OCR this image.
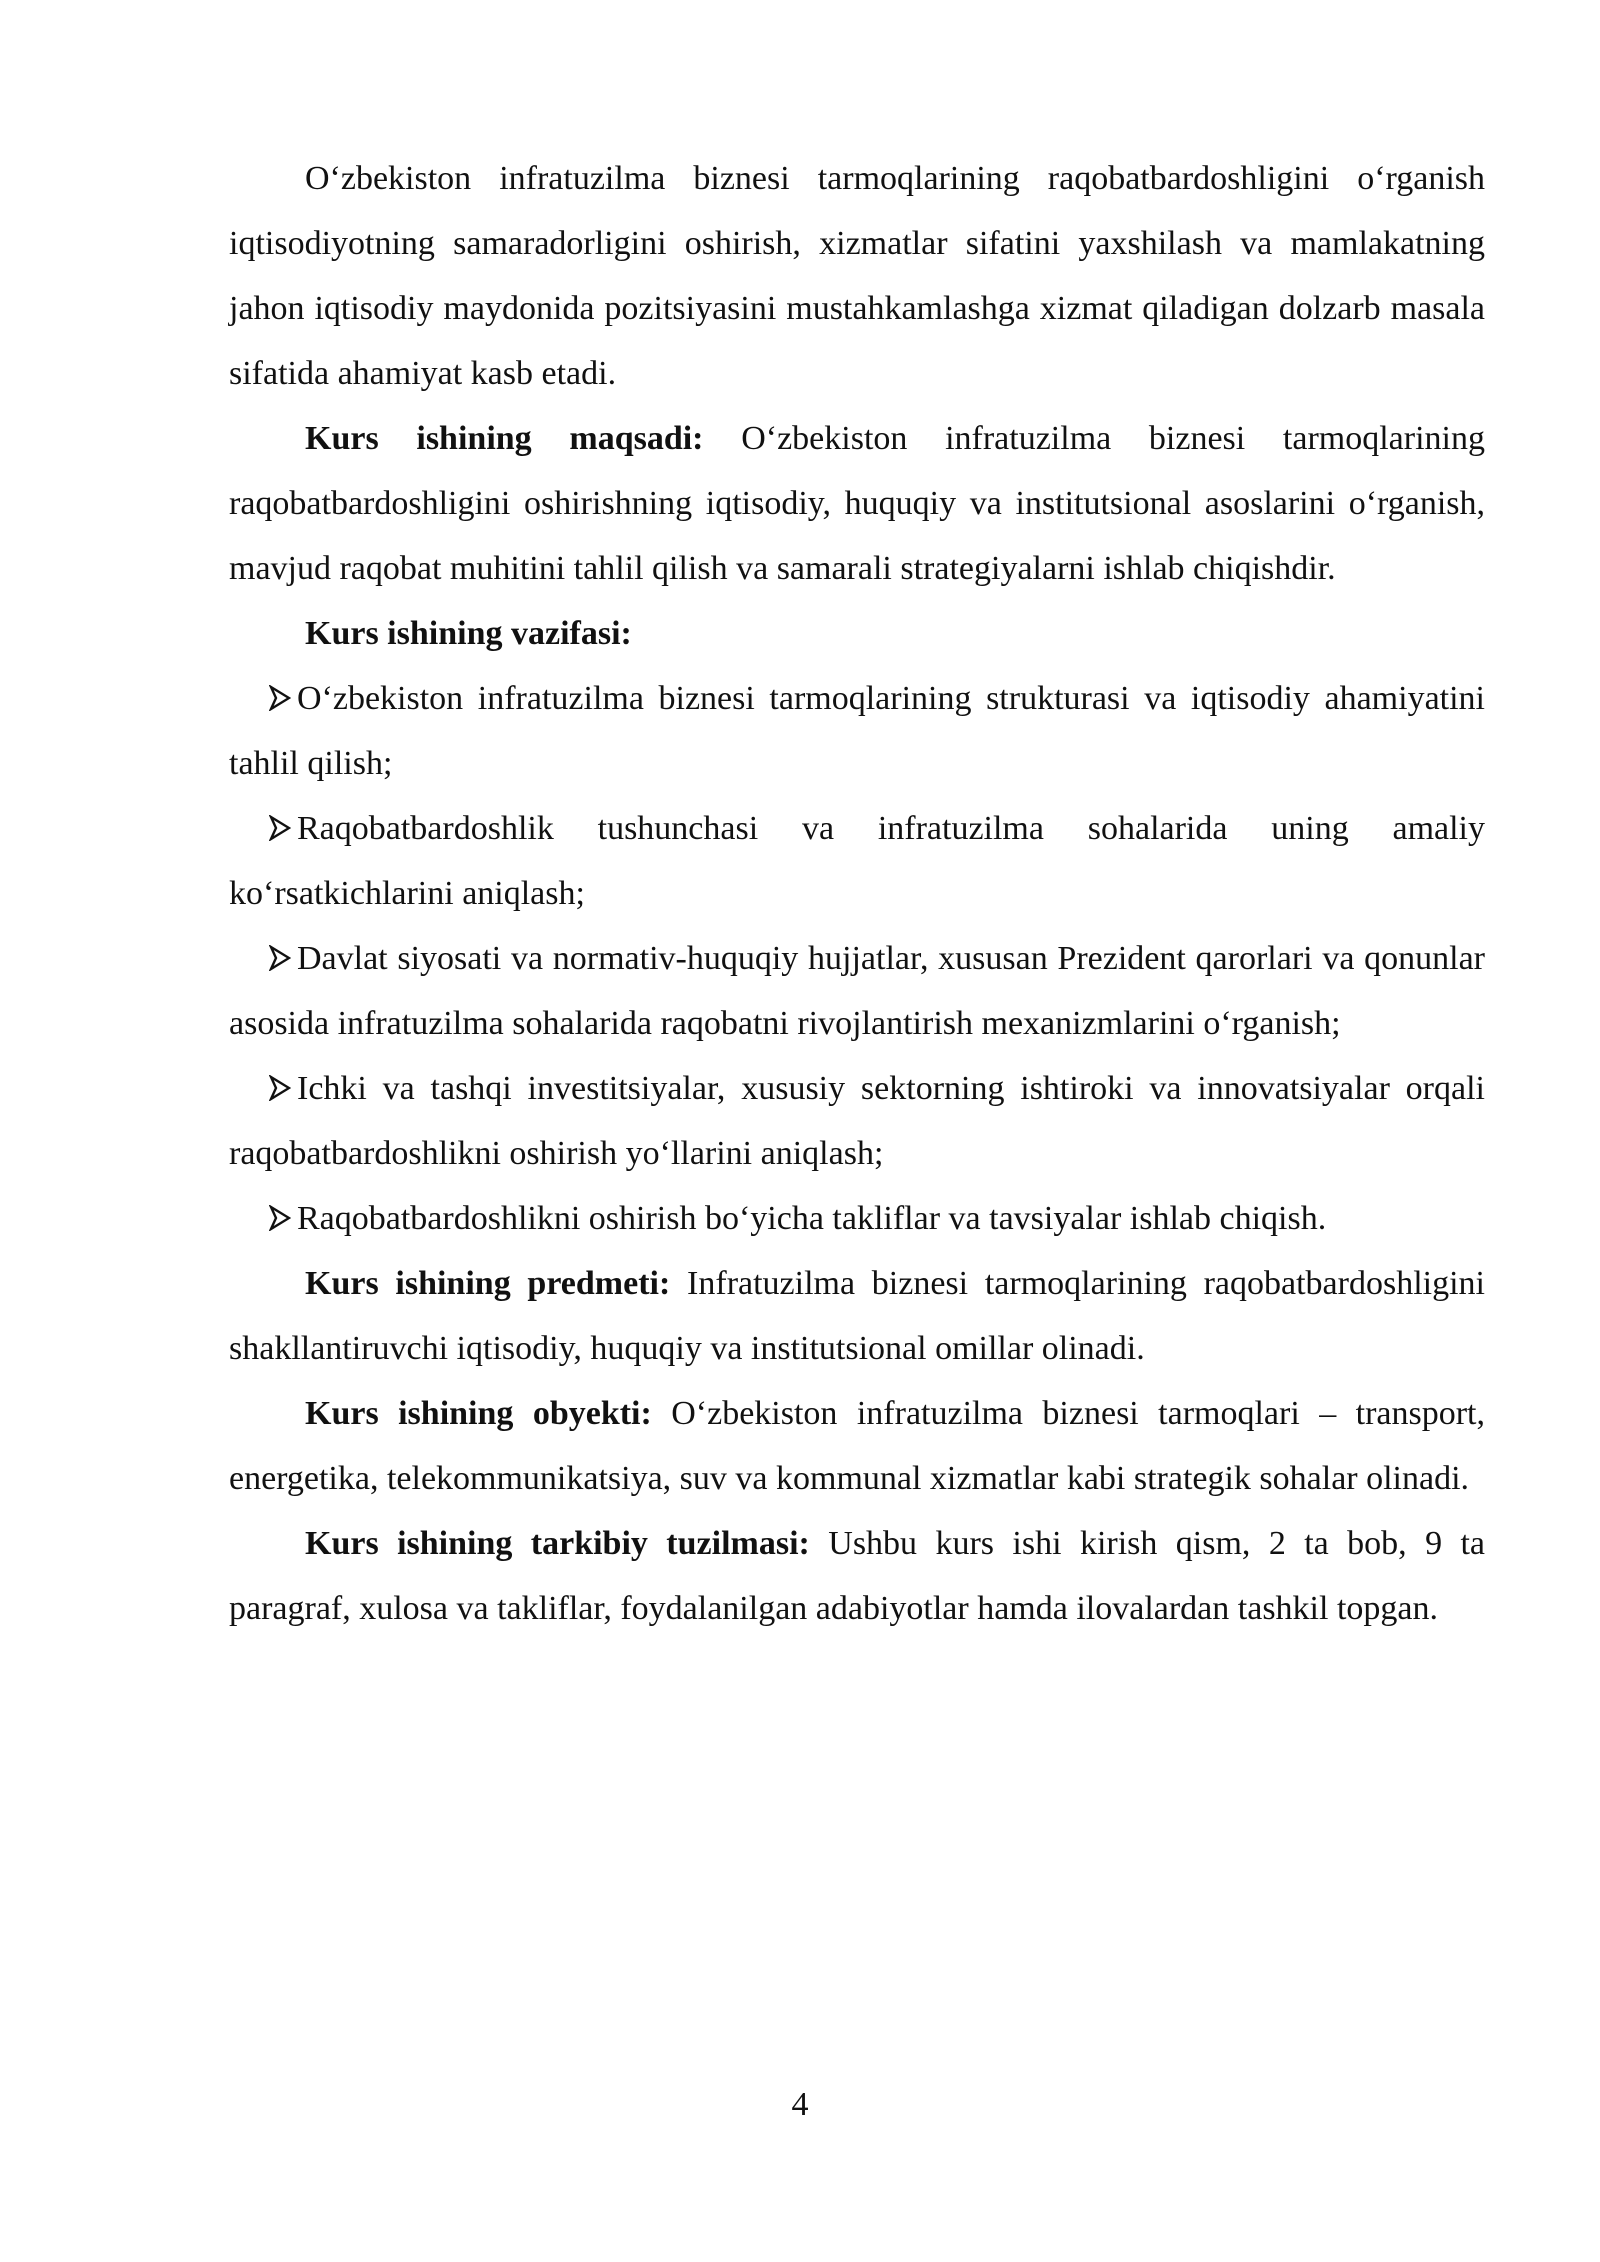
O‘zbekiston infratuzilma biznesi tarmoqlarining raqobatbardoshligini o‘rganish iqtisodiyotning samaradorligini oshirish, xizmatlar sifatini yaxshilash va mamlakatning jahon iqtisodiy maydonida pozitsiyasini mustahkamlashga xizmat qiladigan dolzarb masala sifatida ahamiyat kasb etadi.

Kurs ishining maqsadi: O‘zbekiston infratuzilma biznesi tarmoqlarining raqobatbardoshligini oshirishning iqtisodiy, huquqiy va institutsional asoslarini o‘rganish, mavjud raqobat muhitini tahlil qilish va samarali strategiyalarni ishlab chiqishdir.

Kurs ishining vazifasi:

O‘zbekiston infratuzilma biznesi tarmoqlarining strukturasi va iqtisodiy ahamiyatini tahlil qilish;

Raqobatbardoshlik tushunchasi va infratuzilma sohalarida uning amaliy ko‘rsatkichlarini aniqlash;

Davlat siyosati va normativ-huquqiy hujjatlar, xususan Prezident qarorlari va qonunlar asosida infratuzilma sohalarida raqobatni rivojlantirish mexanizmlarini o‘rganish;

Ichki va tashqi investitsiyalar, xususiy sektorning ishtiroki va innovatsiyalar orqali raqobatbardoshlikni oshirish yo‘llarini aniqlash;

Raqobatbardoshlikni oshirish bo‘yicha takliflar va tavsiyalar ishlab chiqish.

Kurs ishining predmeti: Infratuzilma biznesi tarmoqlarining raqobatbardoshligini shakllantiruvchi iqtisodiy, huquqiy va institutsional omillar olinadi.

Kurs ishining obyekti: O‘zbekiston infratuzilma biznesi tarmoqlari – transport, energetika, telekommunikatsiya, suv va kommunal xizmatlar kabi strategik sohalar olinadi.

Kurs ishining tarkibiy tuzilmasi: Ushbu kurs ishi kirish qism, 2 ta bob, 9 ta paragraf, xulosa va takliflar, foydalanilgan adabiyotlar hamda ilovalardan tashkil topgan.

4
